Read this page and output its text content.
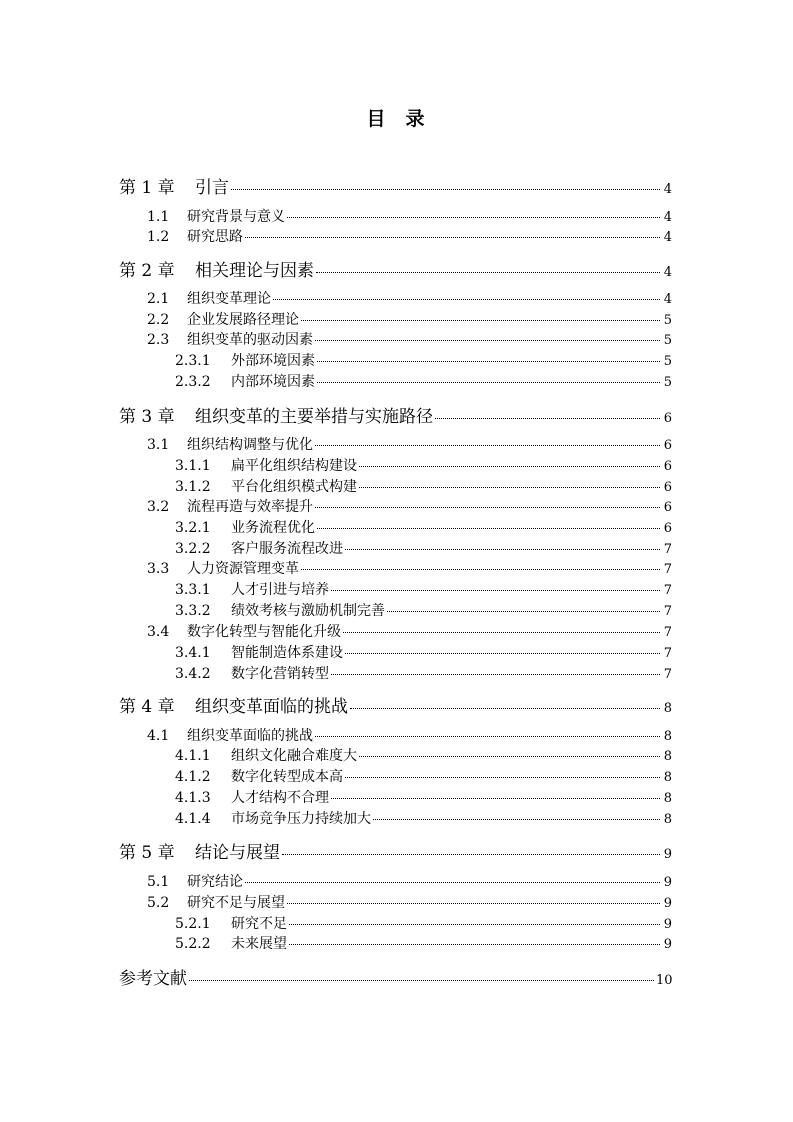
目 录
第 1 章	引言	4
1.1	研究背景与意义	4
1.2	研究思路	4
第 2 章	相关理论与因素	4
2.1	组织变革理论	4
2.2	企业发展路径理论	5
2.3	组织变革的驱动因素	5
2.3.1	外部环境因素	5
2.3.2	内部环境因素	5
第 3 章	组织变革的主要举措与实施路径	6
3.1	组织结构调整与优化	6
3.1.1	扁平化组织结构建设	6
3.1.2	平台化组织模式构建	6
3.2	流程再造与效率提升	6
3.2.1	业务流程优化	6
3.2.2	客户服务流程改进	7
3.3	人力资源管理变革	7
3.3.1	人才引进与培养	7
3.3.2	绩效考核与激励机制完善	7
3.4	数字化转型与智能化升级	7
3.4.1	智能制造体系建设	7
3.4.2	数字化营销转型	7
第 4 章	组织变革面临的挑战	8
4.1	组织变革面临的挑战	8
4.1.1	组织文化融合难度大	8
4.1.2	数字化转型成本高	8
4.1.3	人才结构不合理	8
4.1.4	市场竞争压力持续加大	8
第 5 章	结论与展望	9
5.1	研究结论	9
5.2	研究不足与展望	9
5.2.1	研究不足	9
5.2.2	未来展望	9
参考文献	10
